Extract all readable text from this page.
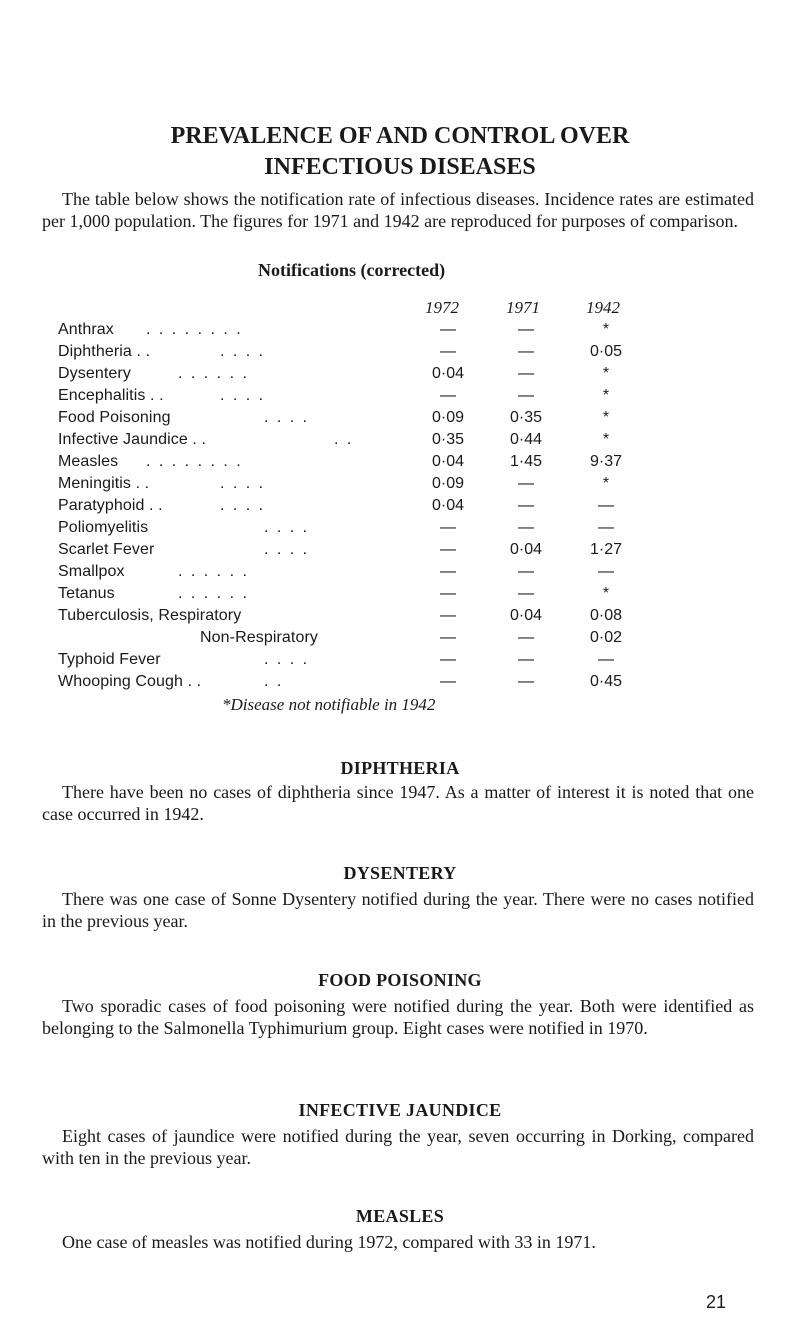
PREVALENCE OF AND CONTROL OVER
INFECTIOUS DISEASES

The table below shows the notification rate of infectious diseases. Incidence rates are estimated per 1,000 population. The figures for 1971 and 1942 are reproduced for purposes of comparison.

Notifications (corrected)
1972	1971	1942
Anthrax . . . . . . . .	—	—	*
Diphtheria . .	. . . .	—	—	0·05
Dysentery	. . . . . .	0·04	—	*
Encephalitis . .	. . . .	—	—	*
Food Poisoning	. . . .	0·09	0·35	*
Infective Jaundice . .	. .	0·35	0·44	*
Measles . . . . . . . .	0·04	1·45	9·37
Meningitis . .	. . . .	0·09	—	*
Paratyphoid . .	. . . .	0·04	—	—
Poliomyelitis	. . . .	—	—	—
Scarlet Fever	. . . .	—	0·04	1·27
Smallpox	. . . . . .	—	—	—
Tetanus	. . . . . .	—	—	*
Tuberculosis, Respiratory	—	0·04	0·08
Non-Respiratory	—	—	0·02
Typhoid Fever	. . . .	—	—	—
Whooping Cough . .	. .	—	—	0·45
*Disease not notifiable in 1942
DIPHTHERIA

There have been no cases of diphtheria since 1947. As a matter of interest it is noted that one case occurred in 1942.

DYSENTERY

There was one case of Sonne Dysentery notified during the year. There were no cases notified in the previous year.

FOOD POISONING

Two sporadic cases of food poisoning were notified during the year. Both were identified as belonging to the Salmonella Typhimurium group. Eight cases were notified in 1970.

INFECTIVE JAUNDICE

Eight cases of jaundice were notified during the year, seven occurring in Dorking, compared with ten in the previous year.

MEASLES

One case of measles was notified during 1972, compared with 33 in 1971.

21
